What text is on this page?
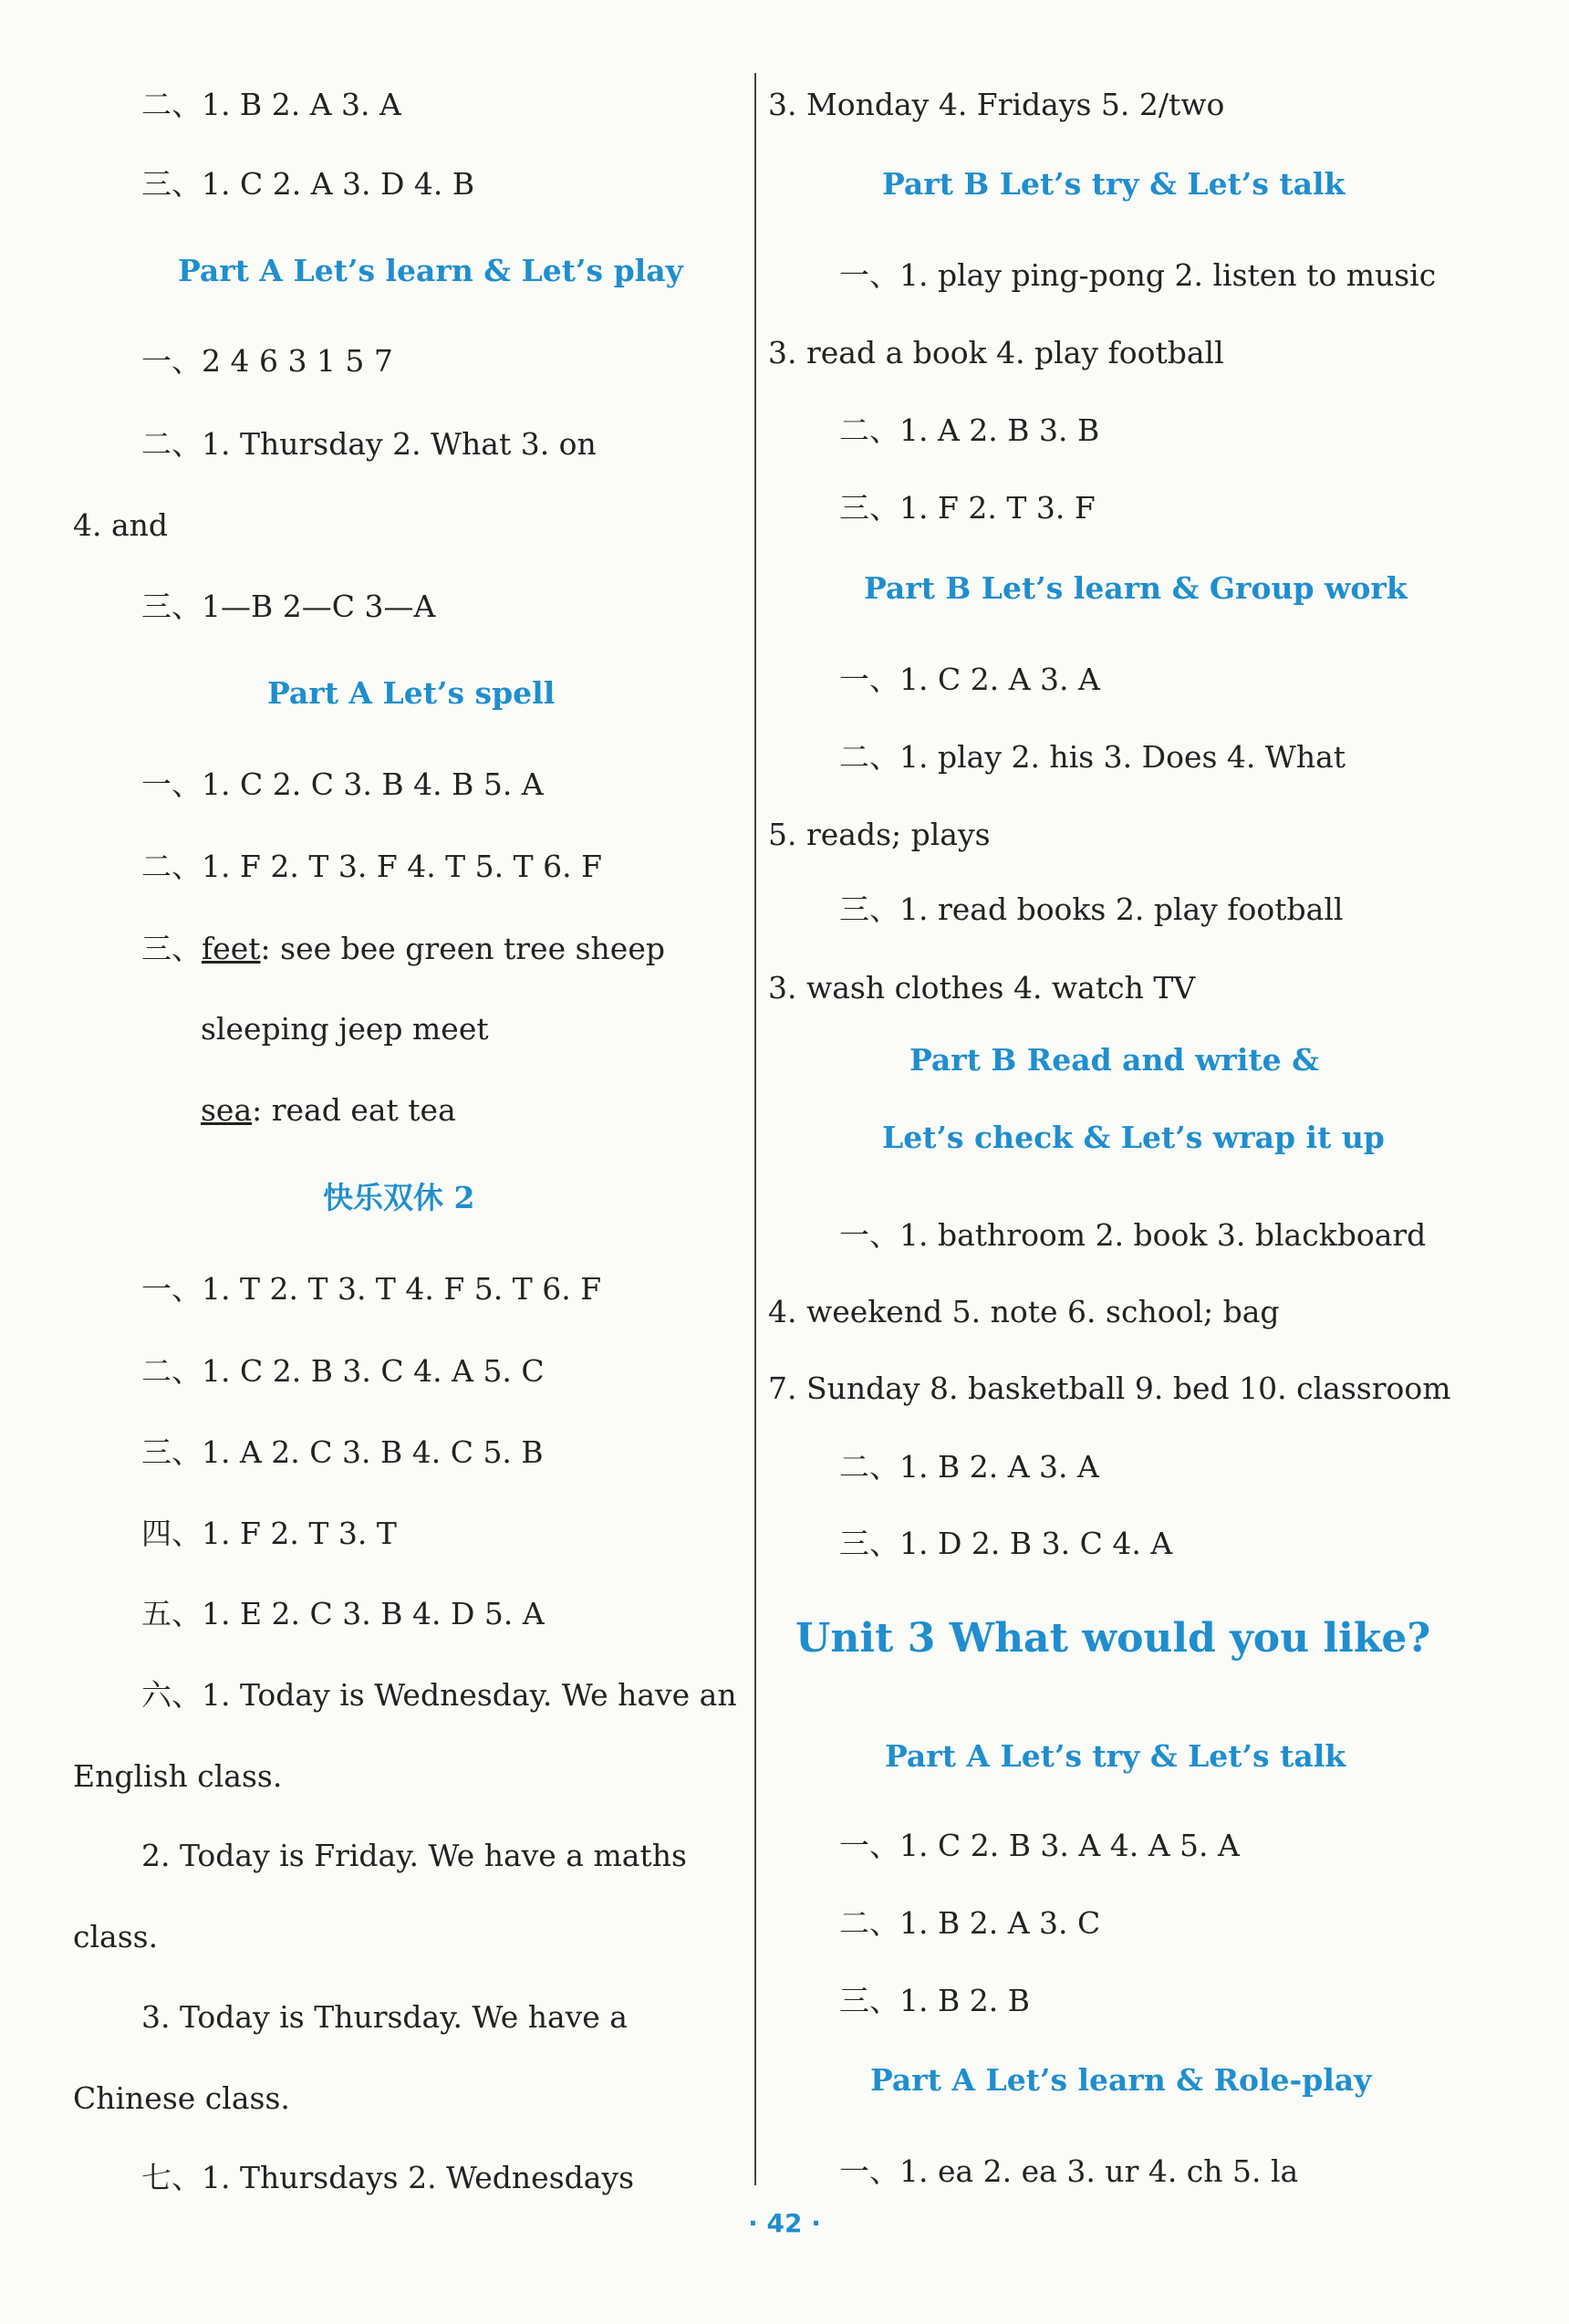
二、1. B 2. A 3. A
三、1. C 2. A 3. D 4. B
Part A Let’s learn & Let’s play
一、2 4 6 3 1 5 7
二、1. Thursday 2. What 3. on
4. and
三、1—B 2—C 3—A
Part A Let’s spell
一、1. C 2. C 3. B 4. B 5. A
二、1. F 2. T 3. F 4. T 5. T 6. F
三、feet: see bee green tree sheep
sleeping jeep meet
sea: read eat tea
快乐双休 2
一、1. T 2. T 3. T 4. F 5. T 6. F
二、1. C 2. B 3. C 4. A 5. C
三、1. A 2. C 3. B 4. C 5. B
四、1. F 2. T 3. T
五、1. E 2. C 3. B 4. D 5. A
六、1. Today is Wednesday. We have an
English class.
2. Today is Friday. We have a maths
class.
3. Today is Thursday. We have a
Chinese class.
七、1. Thursdays 2. Wednesdays
3. Monday 4. Fridays 5. 2/two
Part B Let’s try & Let’s talk
一、1. play ping-pong 2. listen to music
3. read a book 4. play football
二、1. A 2. B 3. B
三、1. F 2. T 3. F
Part B Let’s learn & Group work
一、1. C 2. A 3. A
二、1. play 2. his 3. Does 4. What
5. reads; plays
三、1. read books 2. play football
3. wash clothes 4. watch TV
Part B Read and write &
Let’s check & Let’s wrap it up
一、1. bathroom 2. book 3. blackboard
4. weekend 5. note 6. school; bag
7. Sunday 8. basketball 9. bed 10. classroom
二、1. B 2. A 3. A
三、1. D 2. B 3. C 4. A
Unit 3 What would you like?
Part A Let’s try & Let’s talk
一、1. C 2. B 3. A 4. A 5. A
二、1. B 2. A 3. C
三、1. B 2. B
Part A Let’s learn & Role-play
一、1. ea 2. ea 3. ur 4. ch 5. la
· 42 ·
